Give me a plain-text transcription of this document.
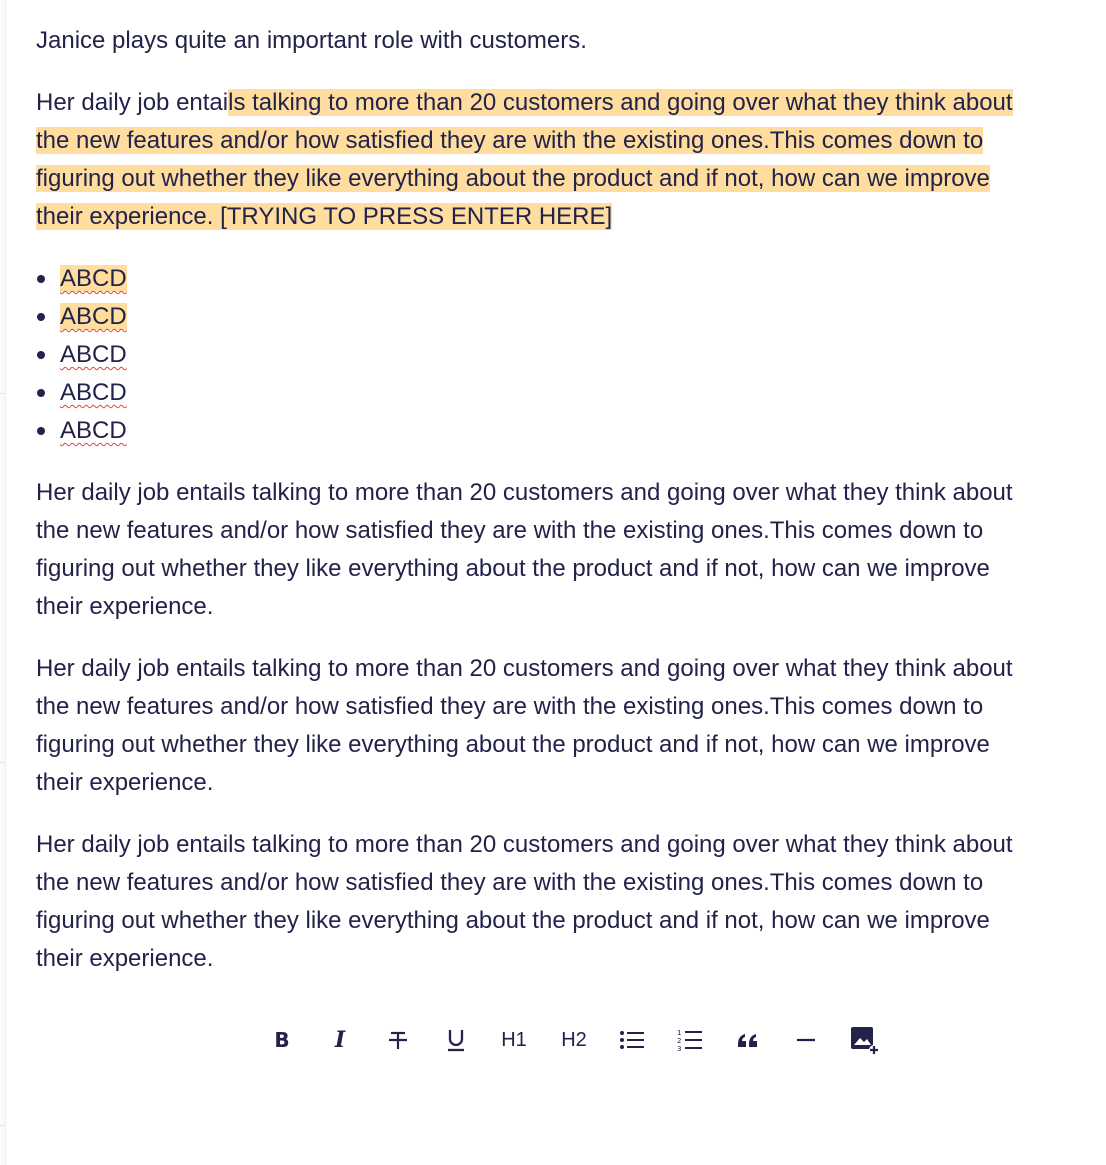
Janice plays quite an important role with customers.

Her daily job entails talking to more than 20 customers and going over what they think about the new features and/or how satisfied they are with the existing ones.This comes down to figuring out whether they like everything about the product and if not, how can we improve their experience. [TRYING TO PRESS ENTER HERE]

ABCD
ABCD
ABCD
ABCD
ABCD

Her daily job entails talking to more than 20 customers and going over what they think about the new features and/or how satisfied they are with the existing ones.This comes down to figuring out whether they like everything about the product and if not, how can we improve their experience.

Her daily job entails talking to more than 20 customers and going over what they think about the new features and/or how satisfied they are with the existing ones.This comes down to figuring out whether they like everything about the product and if not, how can we improve their experience.

Her daily job entails talking to more than 20 customers and going over what they think about the new features and/or how satisfied they are with the existing ones.This comes down to figuring out whether they like everything about the product and if not, how can we improve their experience.

B	I	H1	H2	1
2
3
